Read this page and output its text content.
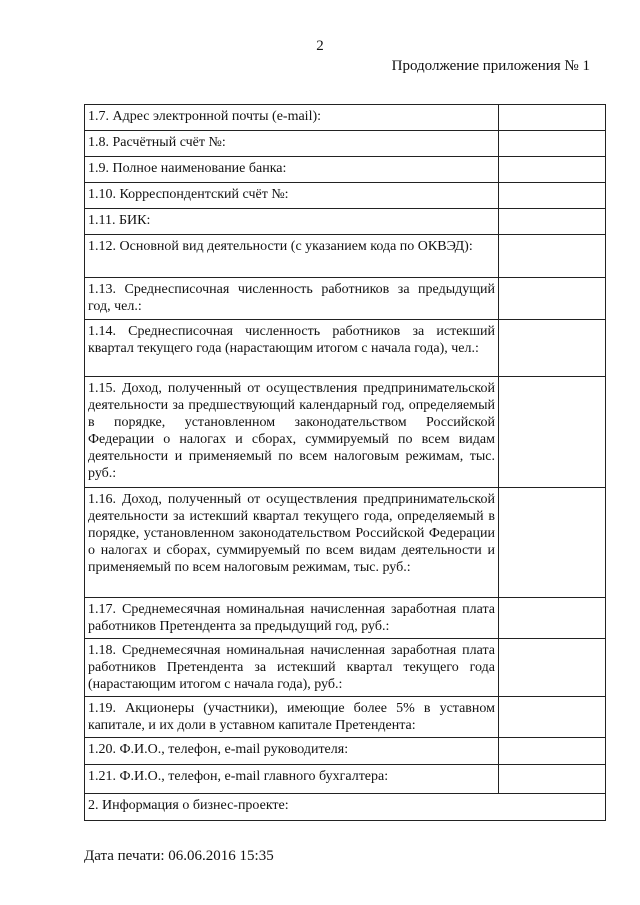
2
Продолжение приложения № 1
1.7. Адрес электронной почты (e-mail):	
1.8. Расчётный счёт №:	
1.9. Полное наименование банка:	
1.10. Корреспондентский счёт №:	
1.11. БИК:	
1.12. Основной вид деятельности (с указанием кода по ОКВЭД):	
1.13. Среднесписочная численность работников за предыдущий год, чел.:	
1.14. Среднесписочная численность работников за истекший квартал текущего года (нарастающим итогом с начала года), чел.:	
1.15. Доход, полученный от осуществления предпринимательской деятельности за предшествующий календарный год, определяемый в порядке, установленном законодательством Российской Федерации о налогах и сборах, суммируемый по всем видам деятельности и применяемый по всем налоговым режимам, тыс. руб.:	
1.16. Доход, полученный от осуществления предпринимательской деятельности за истекший квартал текущего года, определяемый в порядке, установленном законодательством Российской Федерации о налогах и сборах, суммируемый по всем видам деятельности и применяемый по всем налоговым режимам, тыс. руб.:	
1.17. Среднемесячная номинальная начисленная заработная плата работников Претендента за предыдущий год, руб.:	
1.18. Среднемесячная номинальная начисленная заработная плата работников Претендента за истекший квартал текущего года (нарастающим итогом с начала года), руб.:	
1.19. Акционеры (участники), имеющие более 5% в уставном капитале, и их доли в уставном капитале Претендента:	
1.20. Ф.И.О., телефон, e-mail руководителя:	
1.21. Ф.И.О., телефон, e-mail главного бухгалтера:	
2. Информация о бизнес-проекте:	
Дата печати: 06.06.2016 15:35
